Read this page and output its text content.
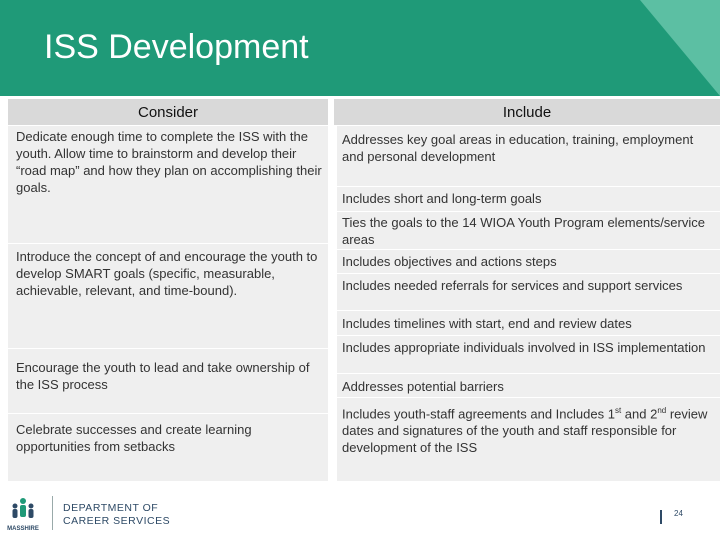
ISS Development
Consider	Include
Dedicate enough time to complete the ISS with the youth. Allow time to brainstorm and develop their “road map” and how they plan on accomplishing their goals.
Introduce the concept of and encourage the youth to develop SMART goals (specific, measurable, achievable, relevant, and time-bound).
Encourage the youth to lead and take ownership of the ISS process
Celebrate successes and create learning opportunities from setbacks
Addresses key goal areas in education, training, employment and personal development
Includes short and long-term goals
Ties the goals to the 14 WIOA Youth Program elements/service areas
Includes objectives and actions steps
Includes needed referrals for services and support services
Includes timelines with start, end and review dates
Includes appropriate individuals involved in ISS implementation
Addresses potential barriers
Includes youth-staff agreements and Includes 1st and 2nd review dates and signatures of the youth and staff responsible for development of the ISS
MASSHIRE
DEPARTMENT OF
CAREER SERVICES
24
